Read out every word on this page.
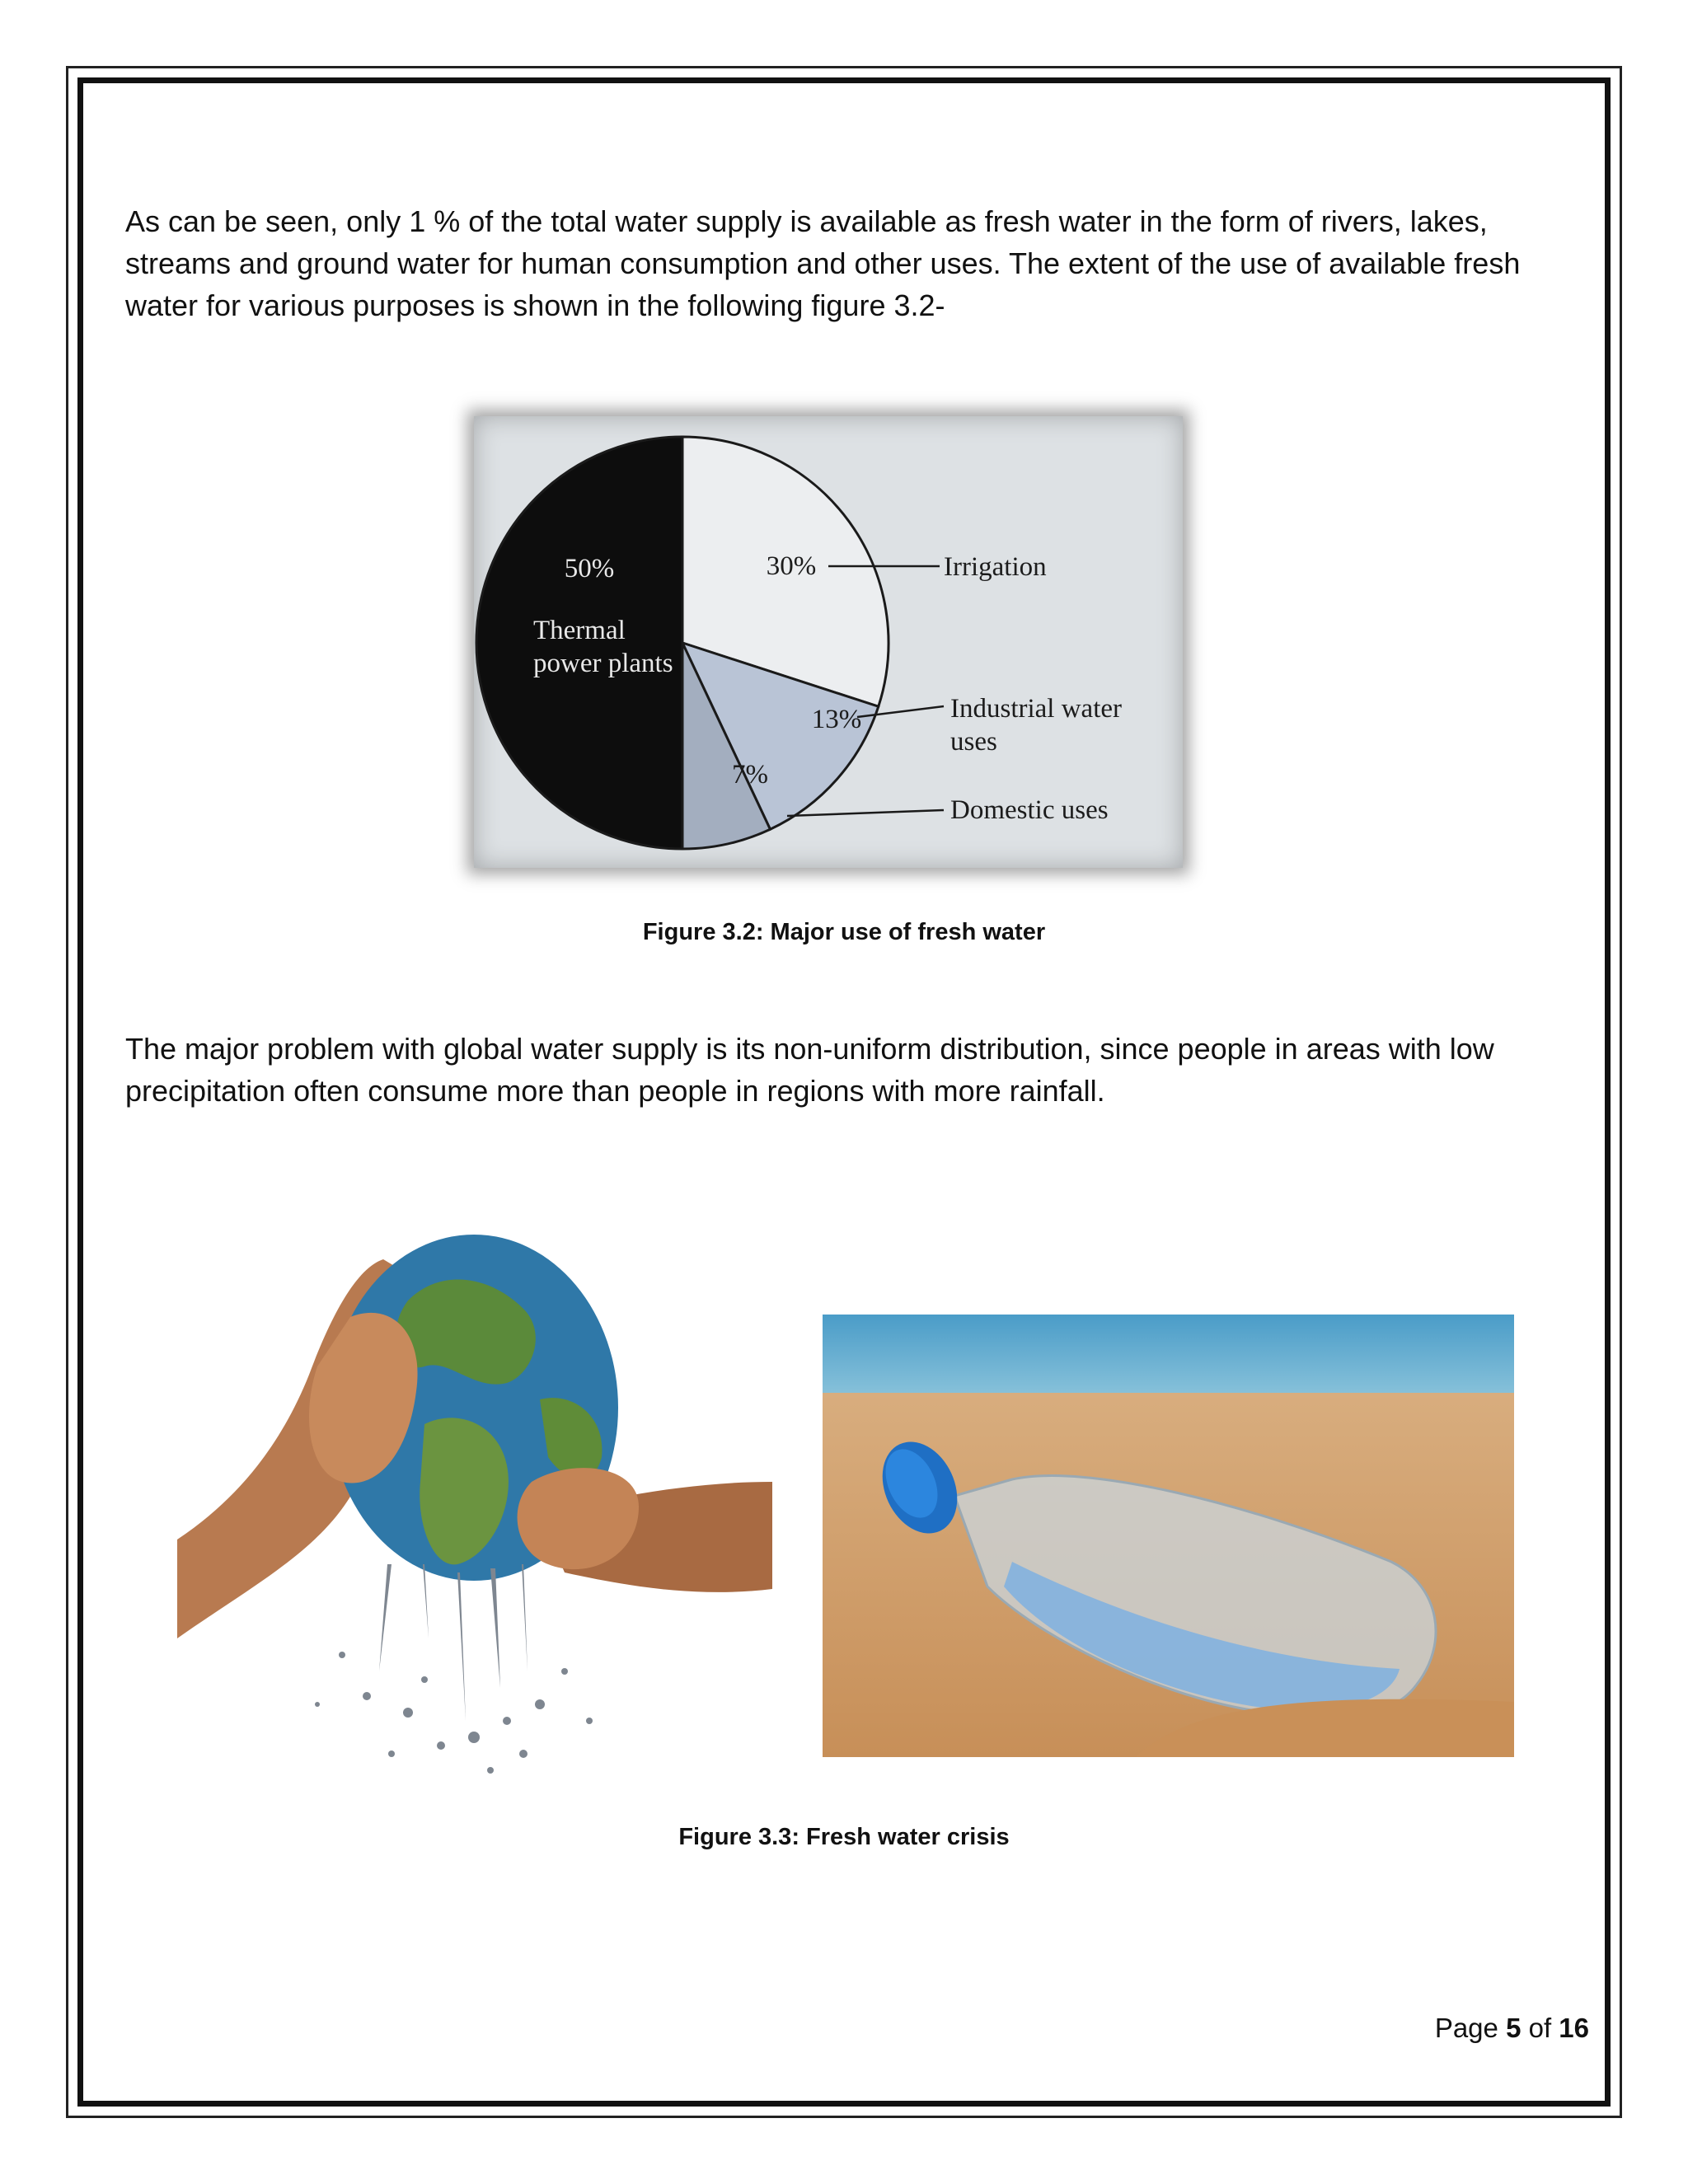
As can be seen, only 1 % of the total water supply is available as fresh water in the form of rivers, lakes, streams and ground water for human consumption and other uses. The extent of the use of available fresh water for various purposes is shown in the following figure 3.2-

50%
Thermal
power plants
30%	Irrigation
13%	Industrial water
uses
7%
Domestic uses
Figure 3.2: Major use of fresh water

The major problem with global water supply is its non-uniform distribution, since people in areas with low precipitation often consume more than people in regions with more rainfall.

Figure 3.3: Fresh water crisis
Page 5 of 16
